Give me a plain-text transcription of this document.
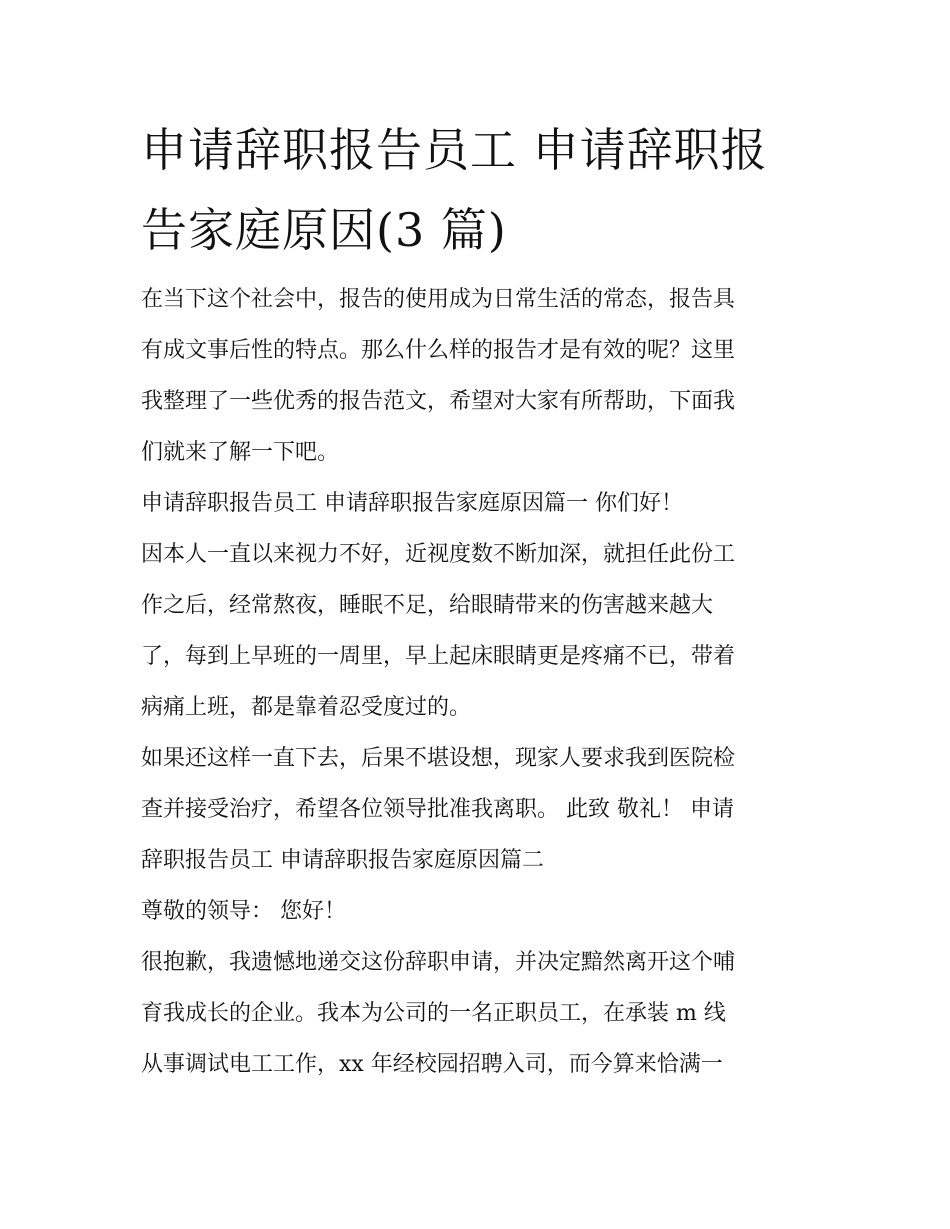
申请辞职报告员工 申请辞职报
告家庭原因(3 篇)
在当下这个社会中，报告的使用成为日常生活的常态，报告具
有成文事后性的特点。那么什么样的报告才是有效的呢？这里
我整理了一些优秀的报告范文，希望对大家有所帮助，下面我
们就来了解一下吧。
申请辞职报告员工 申请辞职报告家庭原因篇一 你们好！
因本人一直以来视力不好，近视度数不断加深，就担任此份工
作之后，经常熬夜，睡眠不足，给眼睛带来的伤害越来越大
了，每到上早班的一周里，早上起床眼睛更是疼痛不已，带着
病痛上班，都是靠着忍受度过的。
如果还这样一直下去，后果不堪设想，现家人要求我到医院检
查并接受治疗，希望各位领导批准我离职。 此致 敬礼！ 申请
辞职报告员工 申请辞职报告家庭原因篇二
尊敬的领导： 您好！
很抱歉，我遗憾地递交这份辞职申请，并决定黯然离开这个哺
育我成长的企业。我本为公司的一名正职员工，在承装 m 线
从事调试电工工作，xx 年经校园招聘入司，而今算来恰满一
